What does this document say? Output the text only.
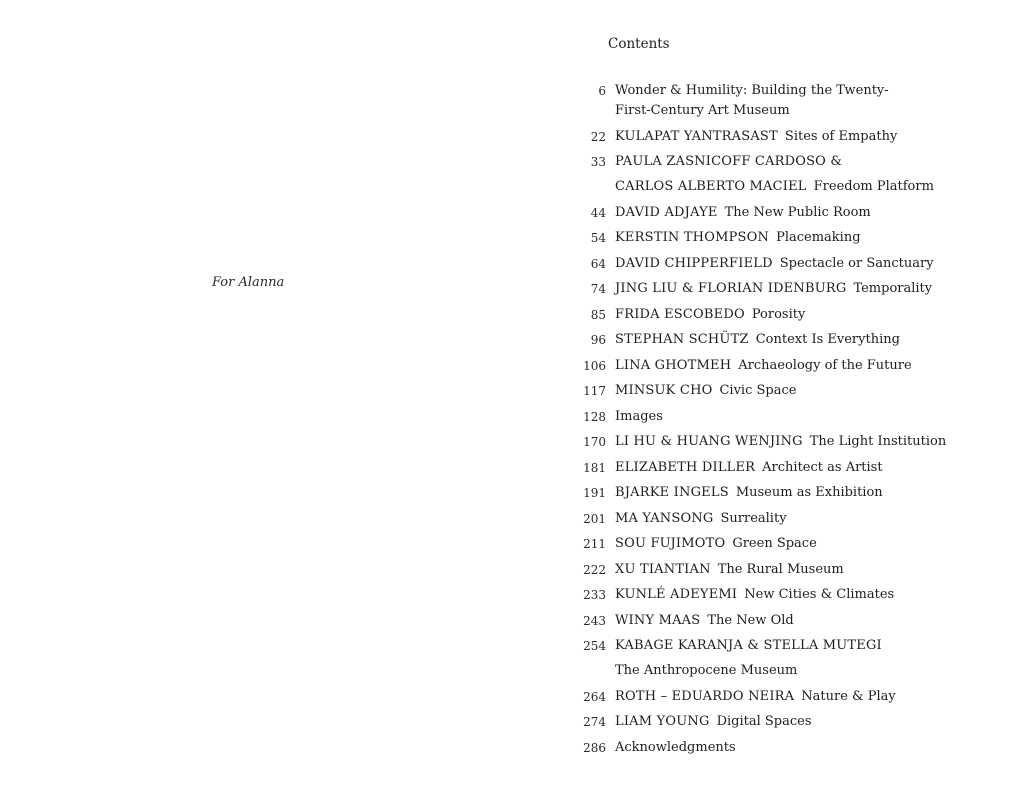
For Alanna
Contents
6 Wonder & Humility: Building the Twenty-First-Century Art Museum
22 KULAPAT YANTRASAST Sites of Empathy
33 PAULA ZASNICOFF CARDOSO &
CARLOS ALBERTO MACIEL Freedom Platform
44 DAVID ADJAYE The New Public Room
54 KERSTIN THOMPSON Placemaking
64 DAVID CHIPPERFIELD Spectacle or Sanctuary
74 JING LIU & FLORIAN IDENBURG Temporality
85 FRIDA ESCOBEDO Porosity
96 STEPHAN SCHÜTZ Context Is Everything
106 LINA GHOTMEH Archaeology of the Future
117 MINSUK CHO Civic Space
128 Images
170 LI HU & HUANG WENJING The Light Institution
181 ELIZABETH DILLER Architect as Artist
191 BJARKE INGELS Museum as Exhibition
201 MA YANSONG Surreality
211 SOU FUJIMOTO Green Space
222 XU TIANTIAN The Rural Museum
233 KUNLÉ ADEYEMI New Cities & Climates
243 WINY MAAS The New Old
254 KABAGE KARANJA & STELLA MUTEGI
The Anthropocene Museum
264 ROTH – EDUARDO NEIRA Nature & Play
274 LIAM YOUNG Digital Spaces
286 Acknowledgments
